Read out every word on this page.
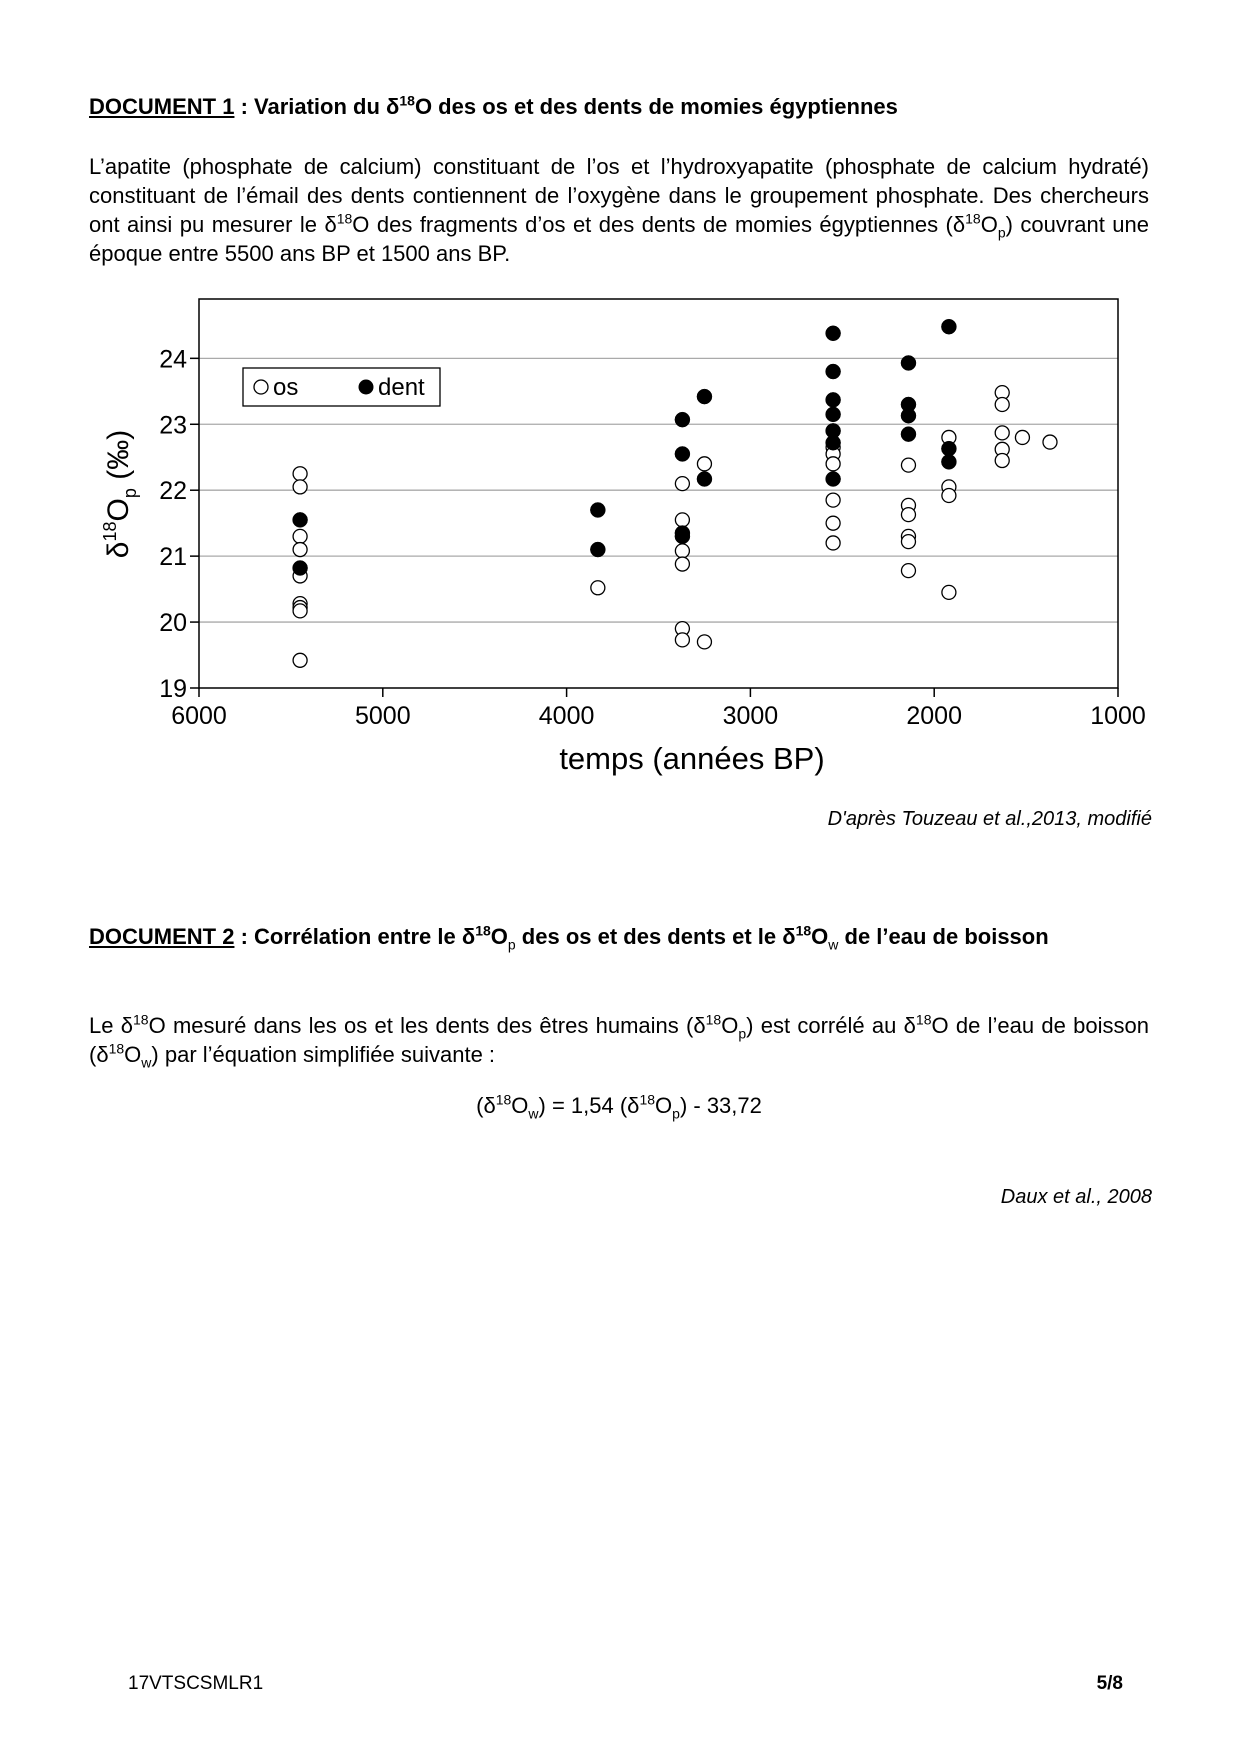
DOCUMENT 1 : Variation du $\delta^{18}O$ des os et des dents de momies égyptiennes
L’apatite (phosphate de calcium) constituant de l’os et l’hydroxyapatite (phosphate de calcium hydraté) constituant de l’émail des dents contiennent de l’oxygène dans le groupement phosphate. Des chercheurs ont ainsi pu mesurer le $\delta^{18}O$ des fragments d’os et des dents de momies égyptiennes $(\delta^{18}O_p)$ couvrant une époque entre 5500 ans BP et 1500 ans BP.
19
20
21
22
23
24
6000	5000	4000	3000	2000	1000
os	dent
$\delta^{18}O_p$ (‰)
temps (années BP)
D'après Touzeau et al.,2013, modifié
DOCUMENT 2 : Corrélation entre le $\delta^{18}O_p$ des os et des dents et le $\delta^{18}O_w$ de l’eau de boisson
Le $\delta^{18}O$ mesuré dans les os et les dents des êtres humains $(\delta^{18}O_p)$ est corrélé au $\delta^{18}O$ de l’eau de boisson $(\delta^{18}O_w)$ par l’équation simplifiée suivante :
$(\delta^{18}O_w) = 1,54$ $(\delta^{18}O_p) - 33,72$
Daux et al., 2008
17VTSCSMLR1	5/8
